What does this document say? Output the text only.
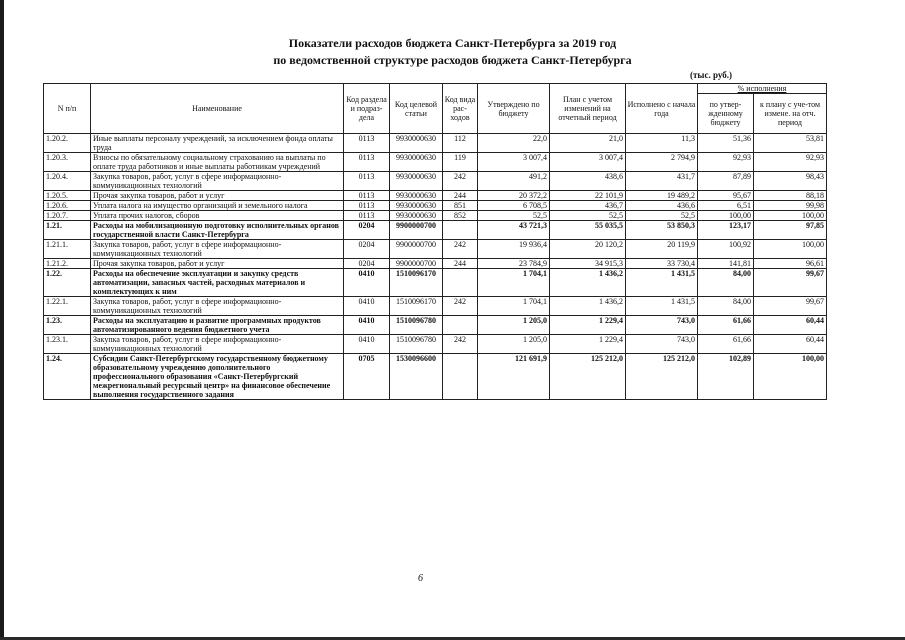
Показатели расходов бюджета Санкт-Петербурга за 2019 год
по ведомственной структуре расходов бюджета Санкт-Петербурга
(тыс. руб.)
N п/п	Наименование	Код раздела и подраз-дела	Код целевой статьи	Код вида рас-ходов	Утверждено по бюджету	План с учетом изменений на отчетный период	Исполнено с начала года	% исполнения	
								по утвер-жденному бюджету	к плану с уче-том измене. на отч. период
1.20.2.	Иные выплаты персоналу учреждений, за исключением фонда оплаты труда	0113	9930000630	112	22,0	21,0	11,3	51,36	53,81
1.20.3.	Взносы по обязательному социальному страхованию на выплаты по оплате труда работников и иные выплаты работникам учреждений	0113	9930000630	119	3 007,4	3 007,4	2 794,9	92,93	92,93
1.20.4.	Закупка товаров, работ, услуг в сфере информационно-коммуникационных технологий	0113	9930000630	242	491,2	438,6	431,7	87,89	98,43
1.20.5.	Прочая закупка товаров, работ и услуг	0113	9930000630	244	20 372,2	22 101,9	19 489,2	95,67	88,18
1.20.6.	Уплата налога на имущество организаций и земельного налога	0113	9930000630	851	6 708,5	436,7	436,6	6,51	99,98
1.20.7.	Уплата прочих налогов, сборов	0113	9930000630	852	52,5	52,5	52,5	100,00	100,00
1.21.	Расходы на мобилизационную подготовку исполнительных органов государственной власти Санкт-Петербурга	0204	9900000700		43 721,3	55 035,5	53 850,3	123,17	97,85
1.21.1.	Закупка товаров, работ, услуг в сфере информационно-коммуникационных технологий	0204	9900000700	242	19 936,4	20 120,2	20 119,9	100,92	100,00
1.21.2.	Прочая закупка товаров, работ и услуг	0204	9900000700	244	23 784,9	34 915,3	33 730,4	141,81	96,61
1.22.	Расходы на обеспечение эксплуатации и закупку средств автоматизации, запасных частей, расходных материалов и комплектующих к ним	0410	1510096170		1 704,1	1 436,2	1 431,5	84,00	99,67
1.22.1.	Закупка товаров, работ, услуг в сфере информационно-коммуникационных технологий	0410	1510096170	242	1 704,1	1 436,2	1 431,5	84,00	99,67
1.23.	Расходы на эксплуатацию и развитие программных продуктов автоматизированного ведения бюджетного учета	0410	1510096780		1 205,0	1 229,4	743,0	61,66	60,44
1.23.1.	Закупка товаров, работ, услуг в сфере информационно-коммуникационных технологий	0410	1510096780	242	1 205,0	1 229,4	743,0	61,66	60,44
1.24.	Субсидии Санкт-Петербургскому государственному бюджетному образовательному учреждению дополнительного профессионального образования «Санкт-Петербургский межрегиональный ресурсный центр» на финансовое обеспечение выполнения государственного задания	0705	1530096600		121 691,9	125 212,0	125 212,0	102,89	100,00
6
